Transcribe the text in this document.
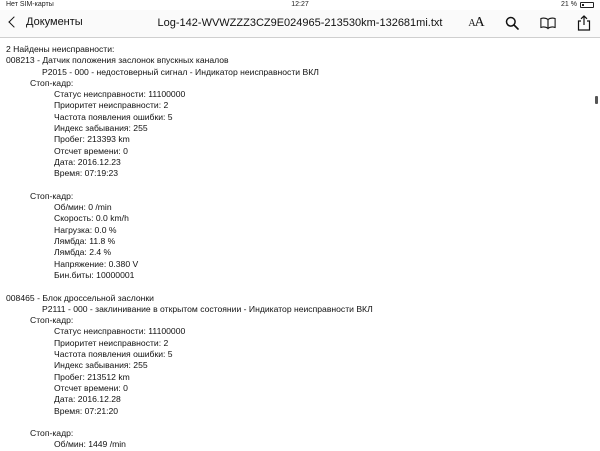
Нет SIM-карты	12:27	21 %
Документы	Log-142-WVWZZZ3CZ9E024965-213530km-132681mi.txt	A A
2 Найдены неисправности:
008213 - Датчик положения заслонок впускных каналов
P2015 - 000 - недостоверный сигнал - Индикатор неисправности ВКЛ
Стоп-кадр:
Статус неисправности: 11100000
Приоритет неисправности: 2
Частота появления ошибки: 5
Индекс забывания: 255
Пробег: 213393 km
Отсчет времени: 0
Дата: 2016.12.23
Время: 07:19:23
Стоп-кадр:
Об/мин: 0 /min
Скорость: 0.0 km/h
Нагрузка: 0.0 %
Лямбда: 11.8 %
Лямбда: 2.4 %
Напряжение: 0.380 V
Бин.биты: 10000001
008465 - Блок дроссельной заслонки
P2111 - 000 - заклинивание в открытом состоянии - Индикатор неисправности ВКЛ
Стоп-кадр:
Статус неисправности: 11100000
Приоритет неисправности: 2
Частота появления ошибки: 5
Индекс забывания: 255
Пробег: 213512 km
Отсчет времени: 0
Дата: 2016.12.28
Время: 07:21:20
Стоп-кадр:
Об/мин: 1449 /min
